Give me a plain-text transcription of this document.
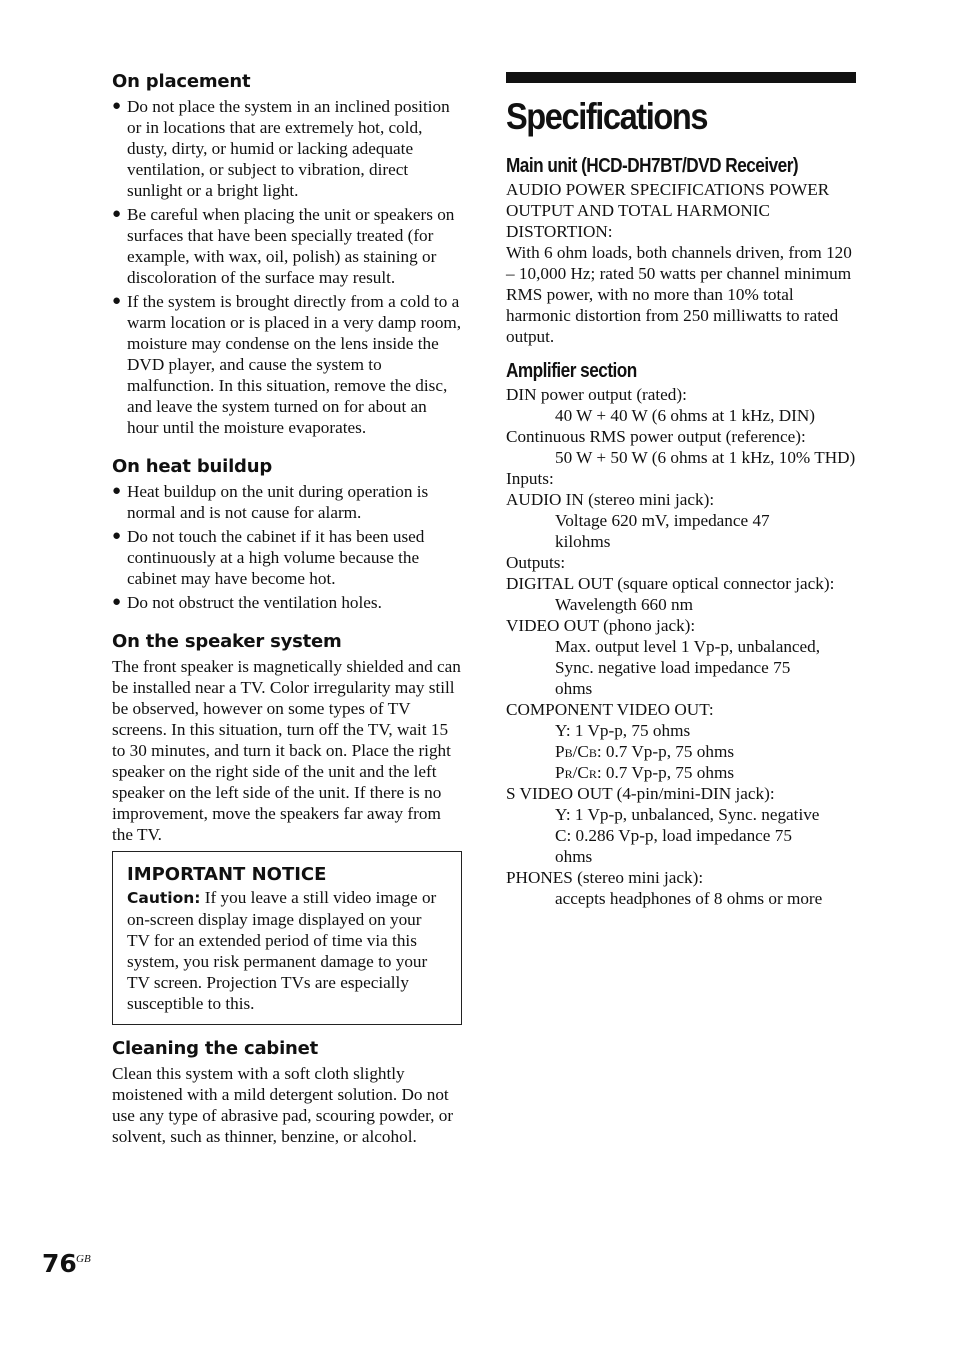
On placement
● Do not place the system in an inclined position or in locations that are extremely hot, cold, dusty, dirty, or humid or lacking adequate ventilation, or subject to vibration, direct sunlight or a bright light.
● Be careful when placing the unit or speakers on surfaces that have been specially treated (for example, with wax, oil, polish) as staining or discoloration of the surface may result.
● If the system is brought directly from a cold to a warm location or is placed in a very damp room, moisture may condense on the lens inside the DVD player, and cause the system to malfunction. In this situation, remove the disc, and leave the system turned on for about an hour until the moisture evaporates.
On heat buildup
● Heat buildup on the unit during operation is normal and is not cause for alarm.
● Do not touch the cabinet if it has been used continuously at a high volume because the cabinet may have become hot.
● Do not obstruct the ventilation holes.
On the speaker system
The front speaker is magnetically shielded and can be installed near a TV. Color irregularity may still be observed, however on some types of TV screens. In this situation, turn off the TV, wait 15 to 30 minutes, and turn it back on. Place the right speaker on the right side of the unit and the left speaker on the left side of the unit. If there is no improvement, move the speakers far away from the TV.
IMPORTANT NOTICE
Caution: If you leave a still video image or on-screen display image displayed on your TV for an extended period of time via this system, you risk permanent damage to your TV screen. Projection TVs are especially susceptible to this.
Cleaning the cabinet
Clean this system with a soft cloth slightly moistened with a mild detergent solution. Do not use any type of abrasive pad, scouring powder, or solvent, such as thinner, benzine, or alcohol.
Specifications
Main unit (HCD-DH7BT/DVD Receiver)
AUDIO POWER SPECIFICATIONS POWER OUTPUT AND TOTAL HARMONIC DISTORTION:
With 6 ohm loads, both channels driven, from 120 – 10,000 Hz; rated 50 watts per channel minimum RMS power, with no more than 10% total harmonic distortion from 250 milliwatts to rated output.
Amplifier section
DIN power output (rated):
40 W + 40 W (6 ohms at 1 kHz, DIN)
Continuous RMS power output (reference):
50 W + 50 W (6 ohms at 1 kHz, 10% THD)
Inputs:
AUDIO IN (stereo mini jack):
Voltage 620 mV, impedance 47 kilohms
Outputs:
DIGITAL OUT (square optical connector jack):
Wavelength 660 nm
VIDEO OUT (phono jack):
Max. output level 1 Vp-p, unbalanced,
Sync. negative load impedance 75 ohms
COMPONENT VIDEO OUT:
Y: 1 Vp-p, 75 ohms
Pb/Cb: 0.7 Vp-p, 75 ohms
Pr/Cr: 0.7 Vp-p, 75 ohms
S VIDEO OUT (4-pin/mini-DIN jack):
Y: 1 Vp-p, unbalanced, Sync. negative
C: 0.286 Vp-p, load impedance 75 ohms
PHONES (stereo mini jack):
accepts headphones of 8 ohms or more
76 GB
